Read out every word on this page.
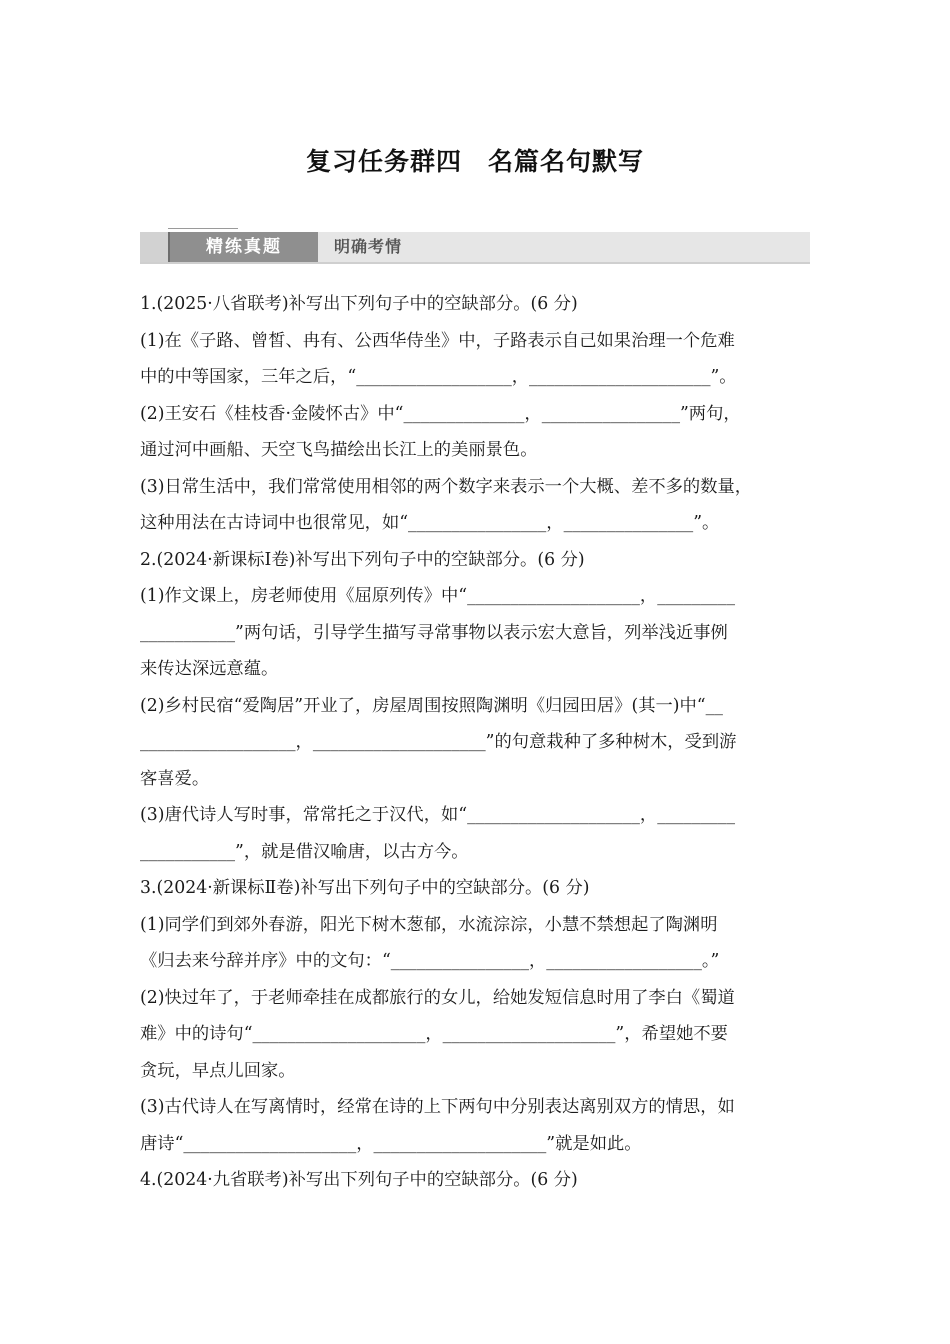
复习任务群四　名篇名句默写
精练真题	明确考情

1.(2025·八省联考)补写出下列句子中的空缺部分。(6 分)

(1)在《子路、曾皙、冉有、公西华侍坐》中，子路表示自己如果治理一个危难

中的中等国家，三年之后，“__________________，_____________________”。

(2)王安石《桂枝香·金陵怀古》中“______________，________________”两句，

通过河中画船、天空飞鸟描绘出长江上的美丽景色。

(3)日常生活中，我们常常使用相邻的两个数字来表示一个大概、差不多的数量，

这种用法在古诗词中也很常见，如“________________，_______________”。

2.(2024·新课标Ⅰ卷)补写出下列句子中的空缺部分。(6 分)

(1)作文课上，房老师使用《屈原列传》中“____________________，_________

___________”两句话，引导学生描写寻常事物以表示宏大意旨，列举浅近事例

来传达深远意蕴。

(2)乡村民宿“爱陶居”开业了，房屋周围按照陶渊明《归园田居》(其一)中“__

__________________，____________________”的句意栽种了多种树木，受到游

客喜爱。

(3)唐代诗人写时事，常常托之于汉代，如“____________________，_________

___________”，就是借汉喻唐，以古方今。

3.(2024·新课标Ⅱ卷)补写出下列句子中的空缺部分。(6 分)

(1)同学们到郊外春游，阳光下树木葱郁，水流淙淙，小慧不禁想起了陶渊明

《归去来兮辞并序》中的文句：“________________，__________________。”

(2)快过年了，于老师牵挂在成都旅行的女儿，给她发短信息时用了李白《蜀道

难》中的诗句“____________________，____________________”，希望她不要

贪玩，早点儿回家。

(3)古代诗人在写离情时，经常在诗的上下两句中分别表达离别双方的情思，如

唐诗“____________________，____________________”就是如此。

4.(2024·九省联考)补写出下列句子中的空缺部分。(6 分)
